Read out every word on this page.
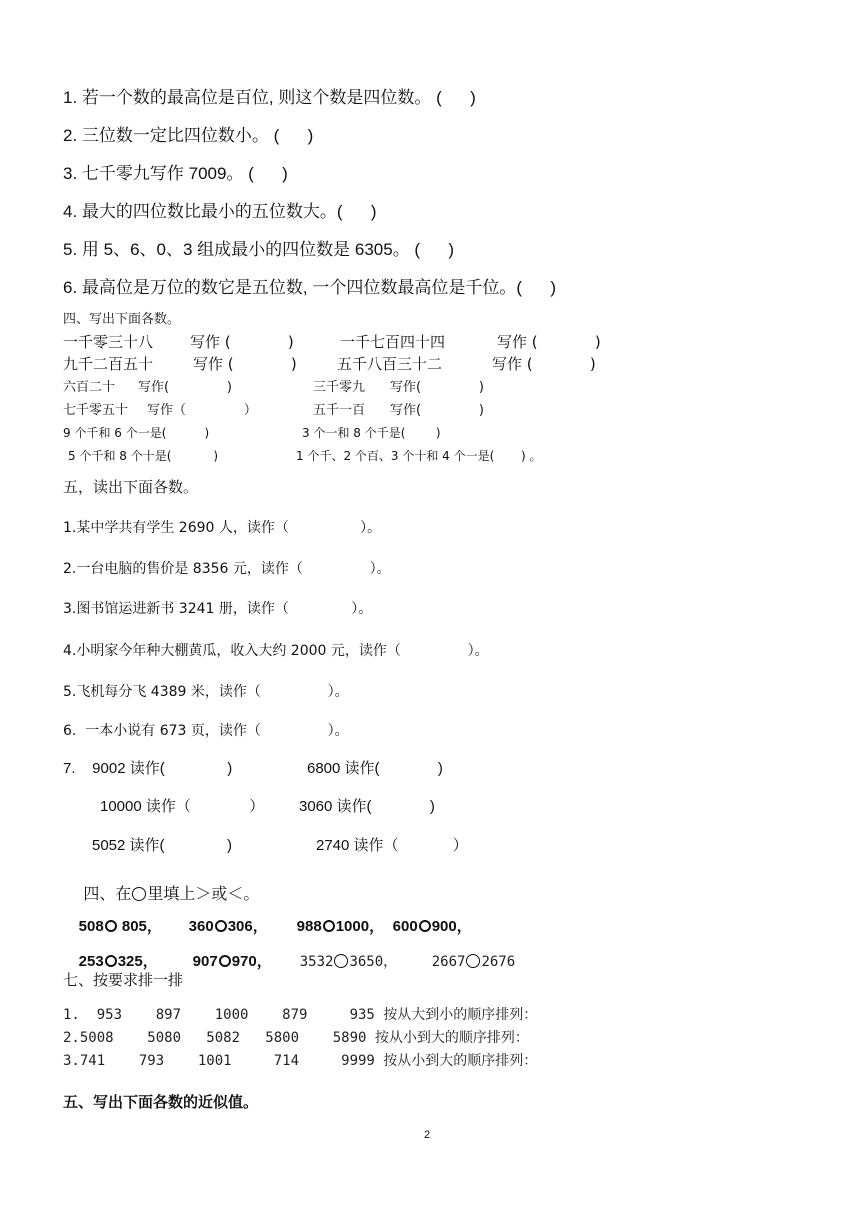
1. 若一个数的最高位是百位, 则这个数是四位数。 (      )
2. 三位数一定比四位数小。 (      )
3. 七千零九写作 7009。 (      )
4. 最大的四位数比最小的五位数大。(      )
5. 用 5、6、0、3 组成最小的四位数是 6305。 (      )
6. 最高位是万位的数它是五位数, 一个四位数最高位是千位。(      )
四、写出下面各数。
一千零三十八 写作 (            )	一千七百四十四	写作 (            )
九千二百五十	写作 (            )	五千八百三十二	写作 (            )
六百二十 写作(              )	三千零九 写作(              )
七千零五十 写作（              ）	五千一百 写作(              )
9 个千和 6 个一是(          )	3 个一和 8 个千是(        )
5 个千和 8 个十是(           )	1 个千、2 个百、3 个十和 4 个一是(       ) 。
五，读出下面各数。
1.某中学共有学生 2690 人，读作（                ）。
2.一台电脑的售价是 8356 元，读作（               ）。
3.图书馆运进新书 3241 册，读作（              ）。
4.小明家今年种大棚黄瓜，收入大约 2000 元，读作（               ）。
5.飞机每分飞 4389 米，读作（               ）。
6.  一本小说有 673 页，读作（               ）。
7.    9002 读作(               )	6800 读作(              )
10000 读作（              ） 3060 读作(              )
5052 读作(               )	2740 读作（             ）

四、在 里填上＞或＜。

508 805，
	360 306，
	988 1000，
600 900，

253 325，
	907 970，
	3532 3650，
	2667 2676

七、按要求排一排
1.  953    897    1000    879     935 按从大到小的顺序排列：
2.5008    5080   5082   5800    5890 按从小到大的顺序排列：
3.741    793    1001     714     9999 按从小到大的顺序排列：
五、写出下面各数的近似值。
2
